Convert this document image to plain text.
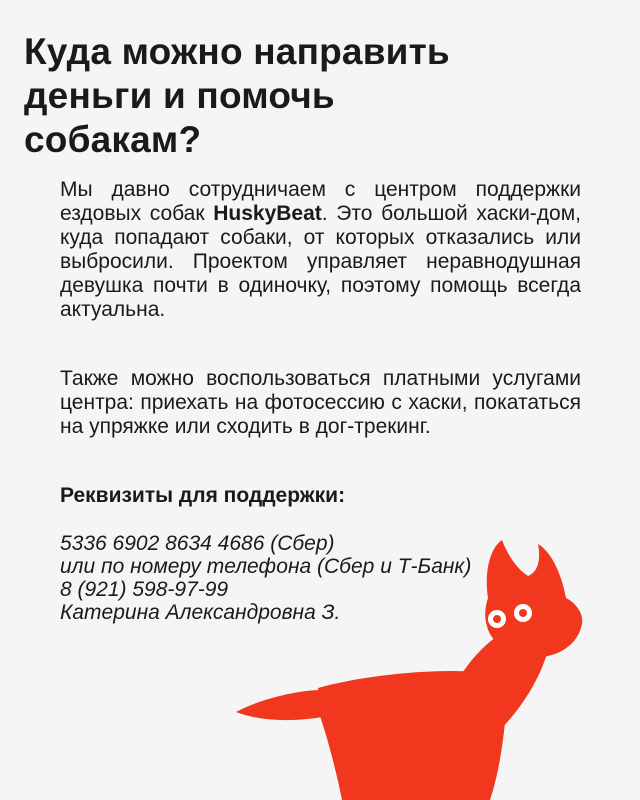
Куда можно направить
деньги и помочь
собакам?
Мы давно сотрудничаем с центром поддержки ездовых собак HuskyBeat. Это большой хаски-дом, куда попадают собаки, от которых отказались или выбросили. Проектом управляет неравнодушная девушка почти в одиночку, поэтому помощь всегда актуальна.
Также можно воспользоваться платными услугами центра: приехать на фотосессию с хаски, покататься на упряжке или сходить в дог-трекинг.
Реквизиты для поддержки:
5336 6902 8634 4686 (Сбер)
или по номеру телефона (Сбер и Т-Банк)
8 (921) 598-97-99
Катерина Александровна З.
